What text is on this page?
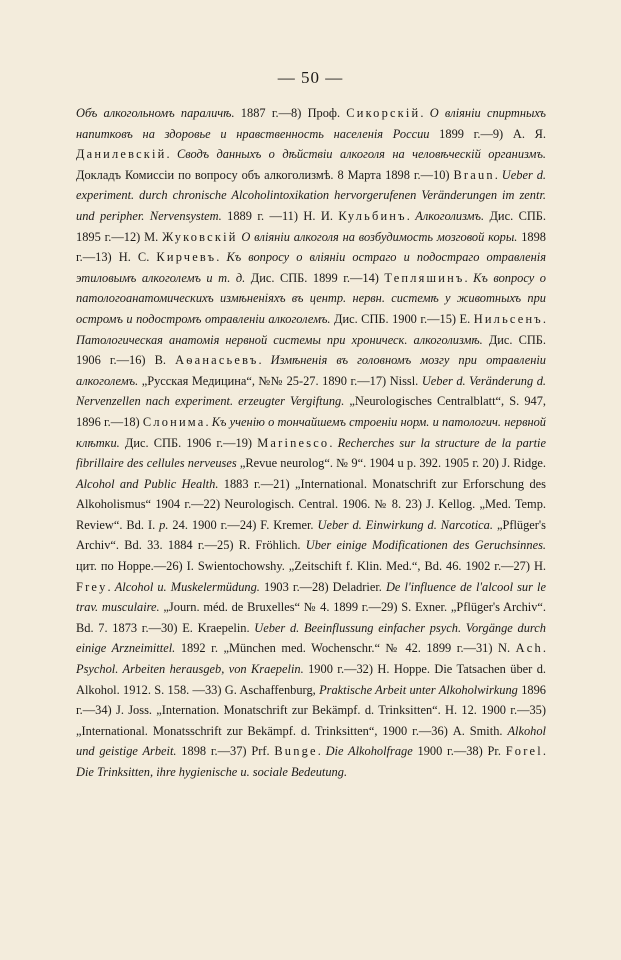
— 50 —
Объ алкогольномъ параличѣ. 1887 г.—8) Проф. Сикорскій. О вліяніи спиртныхъ напитковъ на здоровье и нравственность населенія России 1899 г.—9) А. Я. Данилевскій. Сводъ данныхъ о дѣйствіи алкоголя на человѣческій организмъ. Докладъ Комиссіи по вопросу объ алкоголизмѣ. 8 Марта 1898 г.—10) Braun. Ueber d. experiment. durch chronische Alcoholintoxikation hervorgerufenen Veränderungen im zentr. und peripher. Nervensystem. 1889 г. —11) Н. И. Кульбинъ. Алкоголизмъ. Дис. СПБ. 1895 г.—12) М. Жуковскій О вліяніи алкоголя на возбудимость мозговой коры. 1898 г.—13) Н. С. Кирчевъ. Къ вопросу о вліяніи остраго и подостраго отравленія этиловымъ алкоголемъ и т. д. Дис. СПБ. 1899 г.—14) Тепляшинъ. Къ вопросу о патологоанатомическихъ измѣненіяхъ въ центр. нервн. системѣ у животныхъ при остромъ и подостромъ отравленіи алкоголемъ. Дис. СПБ. 1900 г.—15) Е. Нильсенъ. Патологическая анатомія нервной системы при хроническ. алкоголизмѣ. Дис. СПБ. 1906 г.—16) В. Аѳанасьевъ. Измѣненія въ головномъ мозгу при отравленіи алкоголемъ. „Русская Медицина“, №№ 25-27. 1890 г.—17) Nissl. Ueber d. Veränderung d. Nervenzellen nach experiment. erzeugter Vergiftung. „Neurologisches Centralblatt“, S. 947, 1896 г.—18) Слонима. Къ ученію о тончайшемъ строеніи норм. и патологич. нервной клѣтки. Дис. СПБ. 1906 г.—19) Marinesco. Recherches sur la structure de la partie fibrillaire des cellules nerveuses „Revue neurolog“. № 9“. 1904 u p. 392. 1905 г. 20) J. Ridge. Alcohol and Public Health. 1883 г.—21) „International. Monatschrift zur Erforschung des Alkoholismus“ 1904 г.—22) Neurologisch. Central. 1906. № 8. 23) J. Kellog. „Med. Temp. Review“. Bd. I. p. 24. 1900 г.—24) F. Kremer. Ueber d. Einwirkung d. Narcotica. „Pflüger's Archiv“. Bd. 33. 1884 г.—25) R. Fröhlich. Uber einige Modificationen des Geruchsinnes. цит. по Hoppe.—26) I. Swientochowshy. „Zeitschift f. Klin. Med.“, Bd. 46. 1902 г.—27) H. Frey. Alcohol u. Muskelermüdung. 1903 г.—28) Deladrier. De l'influence de l'alcool sur le trav. musculaire. „Journ. méd. de Bruxelles“ № 4. 1899 г.—29) S. Exner. „Pflüger's Archiv“. Bd. 7. 1873 г.—30) E. Kraepelin. Ueber d. Beeinflussung einfacher psych. Vorgänge durch einige Arzneimittel. 1892 г. „München med. Wochenschr.“ № 42. 1899 г.—31) N. Ach. Psychol. Arbeiten herausgeb, von Kraepelin. 1900 г.—32) H. Hoppe. Die Tatsachen über d. Alkohol. 1912. S. 158. —33) G. Aschaffenburg, Praktische Arbeit unter Alkoholwirkung 1896 г.—34) J. Joss. „Internation. Monatschrift zur Bekämpf. d. Trinksitten“. H. 12. 1900 г.—35) „International. Monatsschrift zur Bekämpf. d. Trinksitten“, 1900 г.—36) A. Smith. Alkohol und geistige Arbeit. 1898 г.—37) Prf. Bunge. Die Alkoholfrage 1900 г.—38) Pr. Forel. Die Trinksitten, ihre hygienische u. sociale Bedeutung.
